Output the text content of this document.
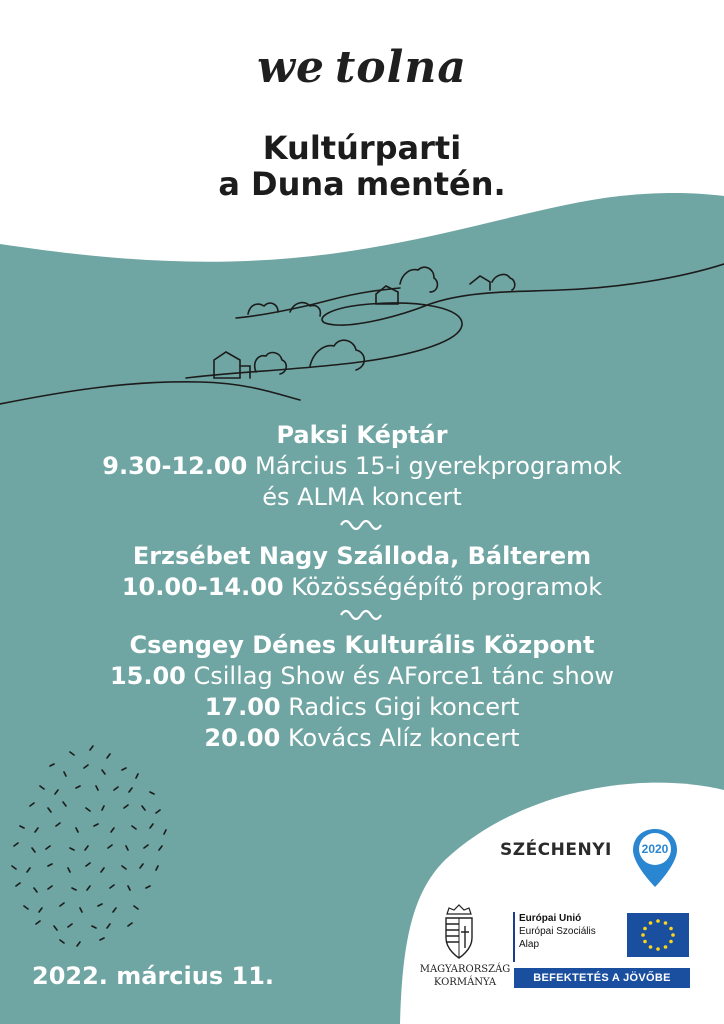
we tolna
Kultúrparti
a Duna mentén.
Paksi Képtár
9.30-12.00 Március 15-i gyerekprogramok
és ALMA koncert
Erzsébet Nagy Szálloda, Bálterem
10.00-14.00 Közösségépítő programok
Csengey Dénes Kulturális Központ
15.00 Csillag Show és AForce1 tánc show
17.00 Radics Gigi koncert
20.00 Kovács Alíz koncert
2022. március 11.
SZÉCHENYI 2020
MAGYARORSZÁG
KORMÁNYA
Európai Unió
Európai Szociális
Alap
BEFEKTETÉS A JÖVŐBE
